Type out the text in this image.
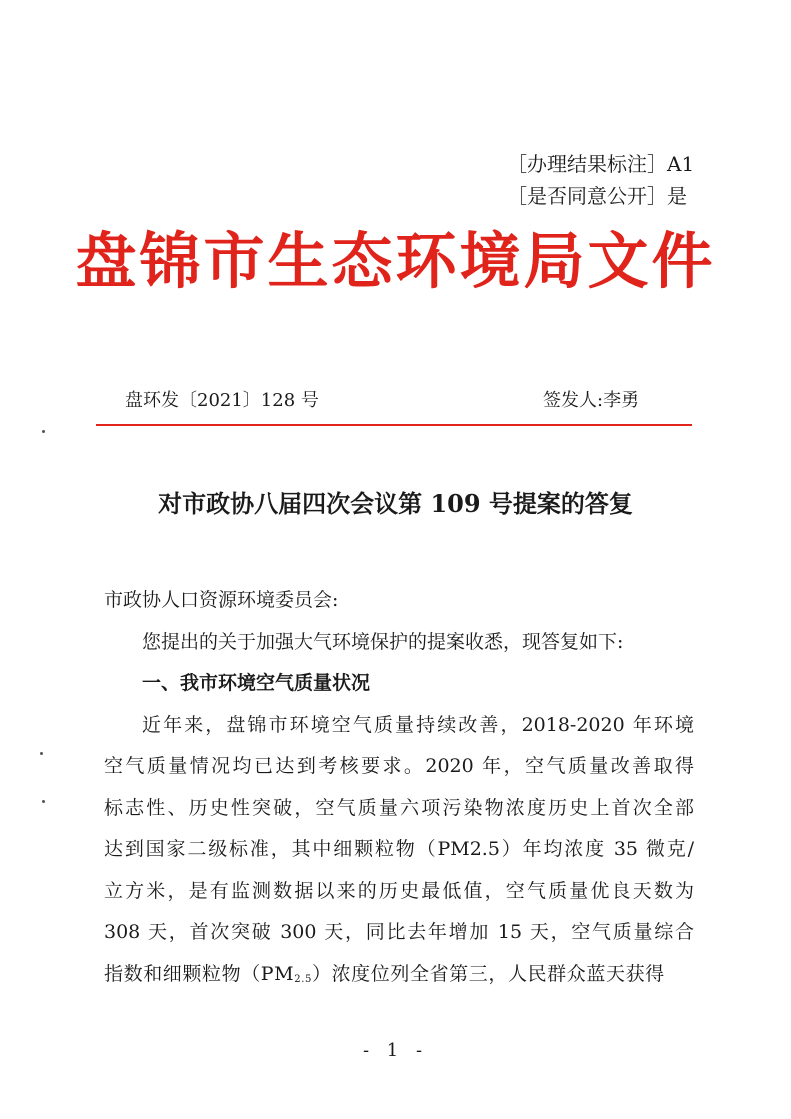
［办理结果标注］A1
［是否同意公开］是
盘锦市生态环境局文件
盘环发〔2021〕128 号	签发人:李勇
对市政协八届四次会议第 109 号提案的答复
市政协人口资源环境委员会:
您提出的关于加强大气环境保护的提案收悉，现答复如下:
一、我市环境空气质量状况
近年来，盘锦市环境空气质量持续改善，2018-2020 年环境
空气质量情况均已达到考核要求。2020 年，空气质量改善取得
标志性、历史性突破，空气质量六项污染物浓度历史上首次全部
达到国家二级标准，其中细颗粒物（PM2.5）年均浓度 35 微克/
立方米，是有监测数据以来的历史最低值，空气质量优良天数为
308 天，首次突破 300 天，同比去年增加 15 天，空气质量综合
指数和细颗粒物$(PM_{2.5})$浓度位列全省第三，人民群众蓝天获得
- 1 -
